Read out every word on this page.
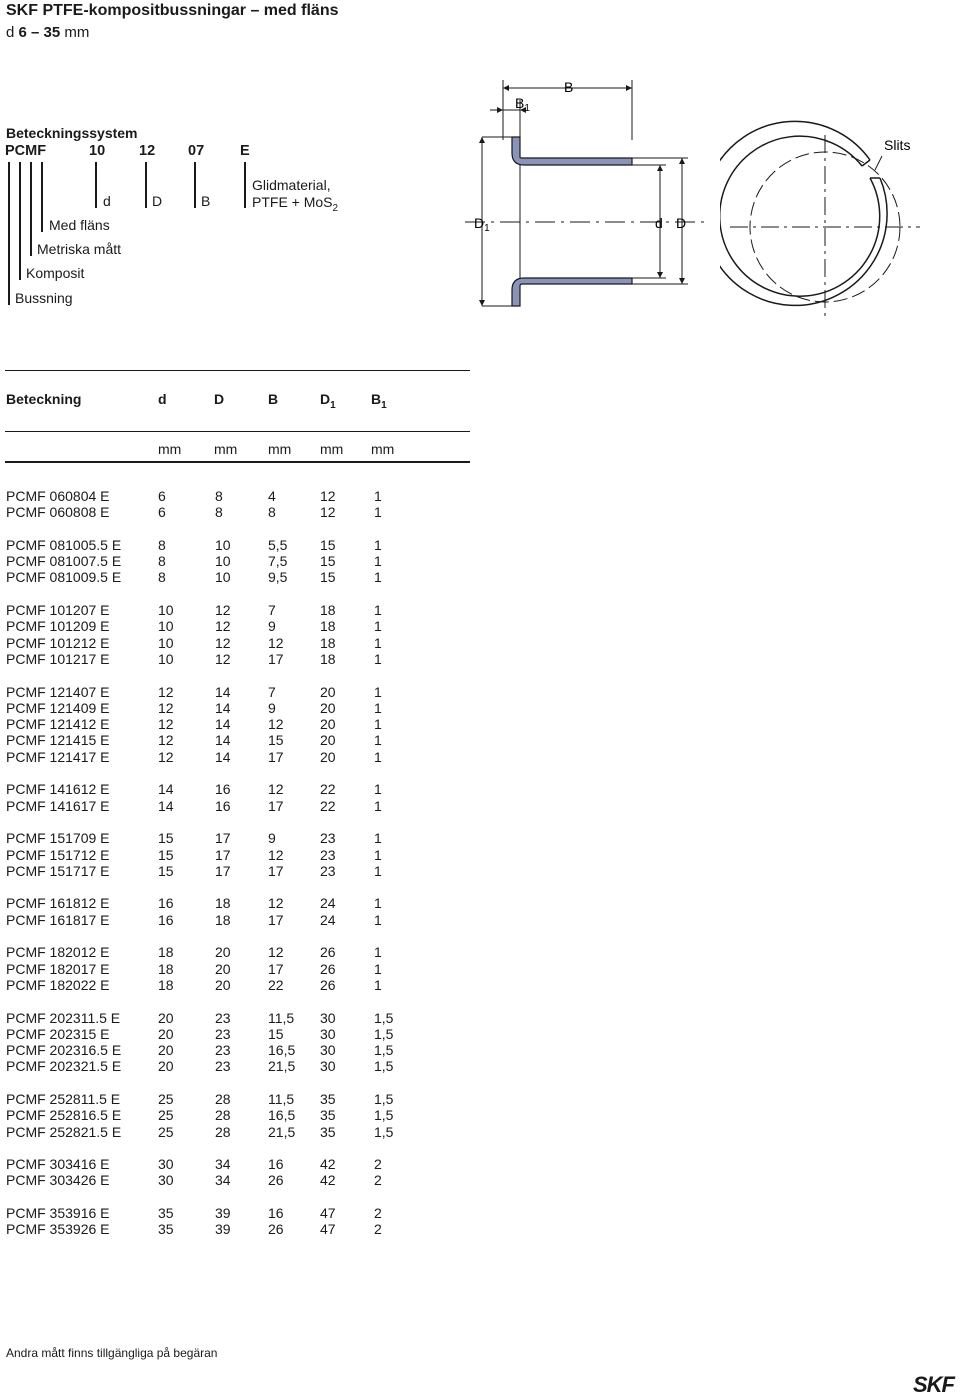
SKF PTFE-kompositbussningar – med fläns
d 6 – 35 mm
Beteckningssystem
PCMF	10 12 07 E
d	D	B
Glidmaterial,
PTFE + MoS$_2$
Med fläns
Metriska mått
Komposit
Bussning
$B_1$
B
$D_1$	d D
Slits
Beteckning	d	D	B	$D_1$	$B_1$
mm mm mm mm mm
PCMF 060804 E	6	8	4	12	1
PCMF 060808 E	6	8	8	12	1

PCMF 081005.5 E	8	10	5,5	15	1
PCMF 081007.5 E	8	10	7,5	15	1
PCMF 081009.5 E	8	10	9,5	15	1

PCMF 101207 E	10	12	7	18	1
PCMF 101209 E	10	12	9	18	1
PCMF 101212 E	10	12	12	18	1
PCMF 101217 E	10	12	17	18	1

PCMF 121407 E	12	14	7	20	1
PCMF 121409 E	12	14	9	20	1
PCMF 121412 E	12	14	12	20	1
PCMF 121415 E	12	14	15	20	1
PCMF 121417 E	12	14	17	20	1

PCMF 141612 E	14	16	12	22	1
PCMF 141617 E	14	16	17	22	1

PCMF 151709 E	15	17	9	23	1
PCMF 151712 E	15	17	12	23	1
PCMF 151717 E	15	17	17	23	1

PCMF 161812 E	16	18	12	24	1
PCMF 161817 E	16	18	17	24	1

PCMF 182012 E	18	20	12	26	1
PCMF 182017 E	18	20	17	26	1
PCMF 182022 E	18	20	22	26	1

PCMF 202311.5 E	20	23	11,5	30	1,5
PCMF 202315 E	20	23	15	30	1,5
PCMF 202316.5 E	20	23	16,5	30	1,5
PCMF 202321.5 E	20	23	21,5	30	1,5

PCMF 252811.5 E	25	28	11,5	35	1,5
PCMF 252816.5 E	25	28	16,5	35	1,5
PCMF 252821.5 E	25	28	21,5	35	1,5

PCMF 303416 E	30	34	16	42	2
PCMF 303426 E	30	34	26	42	2

PCMF 353916 E	35	39	16	47	2
PCMF 353926 E	35	39	26	47	2
Andra mått finns tillgängliga på begäran
SKF
